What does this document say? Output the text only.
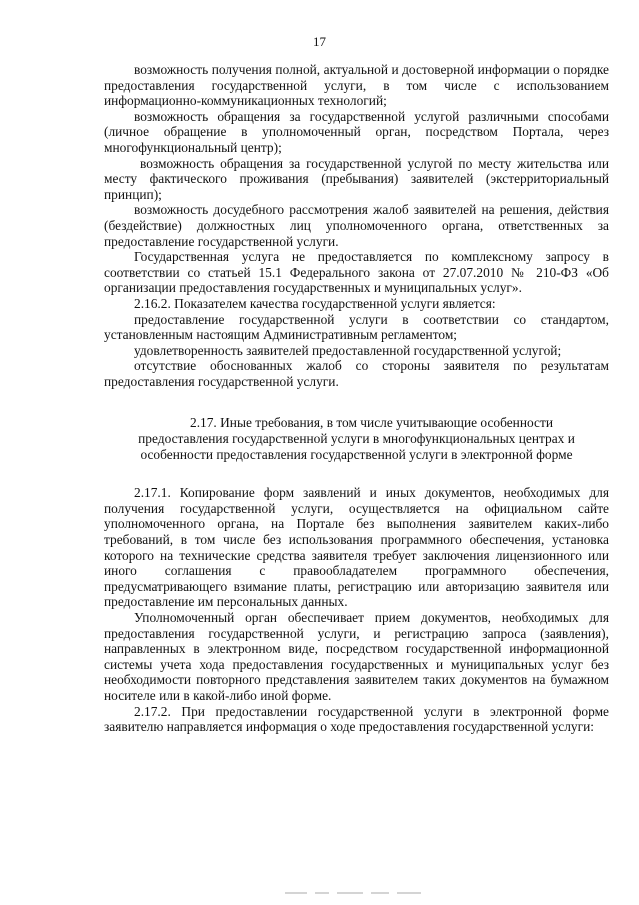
17

возможность получения полной, актуальной и достоверной информации о порядке предоставления государственной услуги, в том числе с использованием информационно-коммуникационных технологий;

возможность обращения за государственной услугой различными способами (личное обращение в уполномоченный орган, посредством Портала, через многофункциональный центр);

возможность обращения за государственной услугой по месту жительства или месту фактического проживания (пребывания) заявителей (экстерриториальный принцип);

возможность досудебного рассмотрения жалоб заявителей на решения, действия (бездействие) должностных лиц уполномоченного органа, ответственных за предоставление государственной услуги.

Государственная услуга не предоставляется по комплексному запросу в соответствии со статьей 15.1 Федерального закона от 27.07.2010 № 210-ФЗ «Об организации предоставления государственных и муниципальных услуг».

2.16.2. Показателем качества государственной услуги является:

предоставление государственной услуги в соответствии со стандартом, установленным настоящим Административным регламентом;

удовлетворенность заявителей предоставленной государственной услугой;

отсутствие обоснованных жалоб со стороны заявителя по результатам предоставления государственной услуги.

2.17. Иные требования, в том числе учитывающие особенности

предоставления государственной услуги в многофункциональных центрах и

особенности предоставления государственной услуги в электронной форме

2.17.1. Копирование форм заявлений и иных документов, необходимых для получения государственной услуги, осуществляется на официальном сайте уполномоченного органа, на Портале без выполнения заявителем каких-либо требований, в том числе без использования программного обеспечения, установка которого на технические средства заявителя требует заключения лицензионного или иного соглашения с правообладателем программного обеспечения, предусматривающего взимание платы, регистрацию или авторизацию заявителя или предоставление им персональных данных.

Уполномоченный орган обеспечивает прием документов, необходимых для предоставления государственной услуги, и регистрацию запроса (заявления), направленных в электронном виде, посредством государственной информационной системы учета хода предоставления государственных и муниципальных услуг без необходимости повторного представления заявителем таких документов на бумажном носителе или в какой-либо иной форме.

2.17.2. При предоставлении государственной услуги в электронной форме заявителю направляется информация о ходе предоставления государственной услуги:
